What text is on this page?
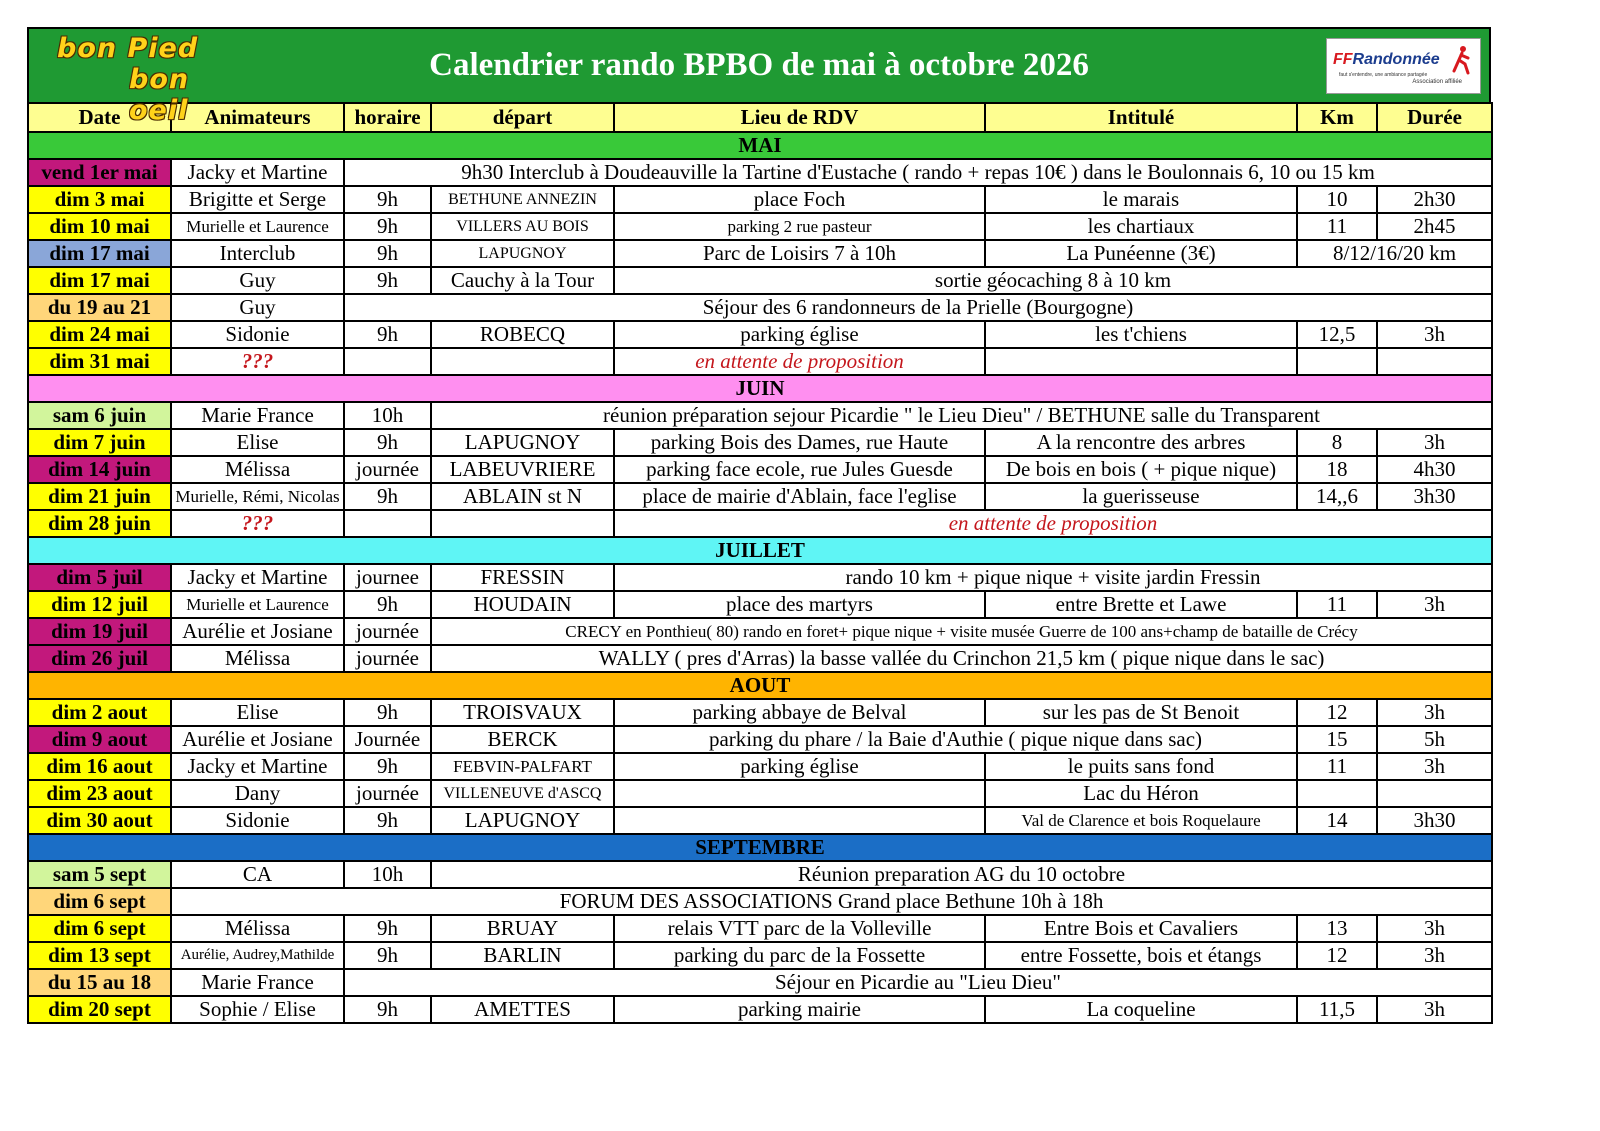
bon Pied
bon oeil
Calendrier rando BPBO de mai à octobre 2026	FFRandonnée
faut s'entendre, une ambiance partagée
Association affiliée
Date	Animateurs	horaire	départ	Lieu de RDV	Intitulé	Km	Durée
MAI							
vend 1er mai	Jacky et Martine	9h30 Interclub à Doudeauville la Tartine d'Eustache ( rando + repas 10€ ) dans le Boulonnais 6, 10 ou 15 km					
dim 3 mai	Brigitte et Serge	9h	BETHUNE ANNEZIN	place Foch	le marais	10	2h30
dim 10 mai	Murielle et Laurence	9h	VILLERS AU BOIS	parking 2 rue pasteur	les chartiaux	11	2h45
dim 17 mai	Interclub	9h	LAPUGNOY	Parc de Loisirs 7 à 10h	La Punéenne (3€)	8/12/16/20 km	
dim 17 mai	Guy	9h	Cauchy à la Tour	sortie géocaching 8 à 10 km			
du 19 au 21	Guy	Séjour des 6 randonneurs de la Prielle (Bourgogne)					
dim 24 mai	Sidonie	9h	ROBECQ	parking église	les t'chiens	12,5	3h
dim 31 mai	???			en attente de proposition			
JUIN							
sam 6 juin	Marie France	10h	réunion préparation sejour Picardie " le Lieu Dieu" / BETHUNE salle du Transparent				
dim 7 juin	Elise	9h	LAPUGNOY	parking Bois des Dames, rue Haute	A la rencontre des arbres	8	3h
dim 14 juin	Mélissa	journée	LABEUVRIERE	parking face ecole, rue Jules Guesde	De bois en bois ( + pique nique)	18	4h30
dim 21 juin	Murielle, Rémi, Nicolas	9h	ABLAIN st N	place de mairie d'Ablain, face l'eglise	la guerisseuse	14,,6	3h30
dim 28 juin	???			en attente de proposition			
JUILLET							
dim 5 juil	Jacky et Martine	journee	FRESSIN	rando 10 km + pique nique + visite jardin Fressin			
dim 12 juil	Murielle et Laurence	9h	HOUDAIN	place des martyrs	entre Brette et Lawe	11	3h
dim 19 juil	Aurélie et Josiane	journée	CRECY en Ponthieu( 80) rando en foret+ pique nique + visite musée Guerre de 100 ans+champ de bataille de Crécy				
dim 26 juil	Mélissa	journée	WALLY ( pres d'Arras) la basse vallée du Crinchon 21,5 km ( pique nique dans le sac)				
AOUT							
dim 2 aout	Elise	9h	TROISVAUX	parking abbaye de Belval	sur les pas de St Benoit	12	3h
dim 9 aout	Aurélie et Josiane	Journée	BERCK	parking du phare / la Baie d'Authie ( pique nique dans sac)		15	5h
dim 16 aout	Jacky et Martine	9h	FEBVIN-PALFART	parking église	le puits sans fond	11	3h
dim 23 aout	Dany	journée	VILLENEUVE d'ASCQ		Lac du Héron		
dim 30 aout	Sidonie	9h	LAPUGNOY		Val de Clarence et bois Roquelaure	14	3h30
SEPTEMBRE							
sam 5 sept	CA	10h	Réunion preparation AG du 10 octobre				
dim 6 sept	FORUM DES ASSOCIATIONS Grand place Bethune 10h à 18h						
dim 6 sept	Mélissa	9h	BRUAY	relais VTT parc de la Volleville	Entre Bois et Cavaliers	13	3h
dim 13 sept	Aurélie, Audrey,Mathilde	9h	BARLIN	parking du parc de la Fossette	entre Fossette, bois et étangs	12	3h
du 15 au 18	Marie France	Séjour en Picardie au "Lieu Dieu"					
dim 20 sept	Sophie / Elise	9h	AMETTES	parking mairie	La coqueline	11,5	3h
